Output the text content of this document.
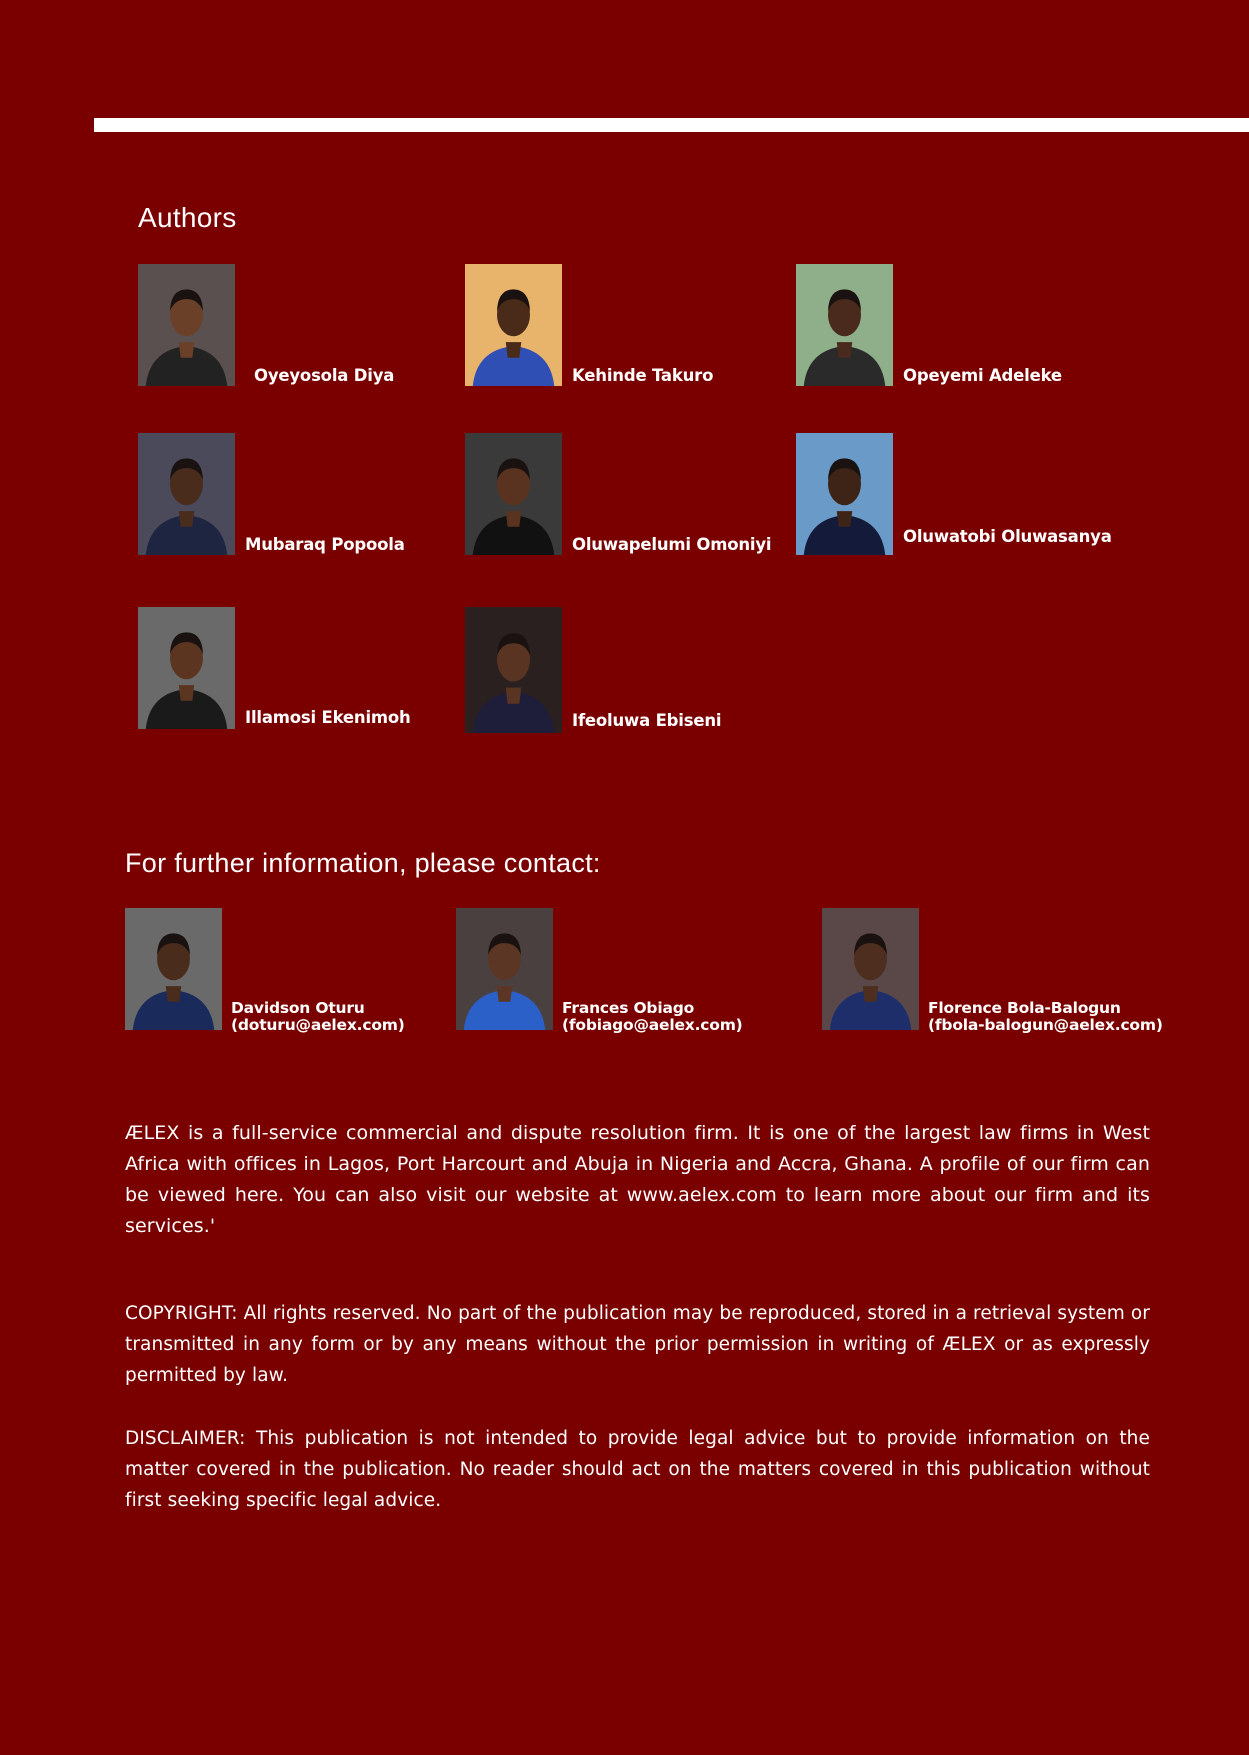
Authors
Oyeyosola Diya	Kehinde Takuro	Opeyemi Adeleke
Mubaraq Popoola	Oluwapelumi Omoniyi	Oluwatobi Oluwasanya
Illamosi Ekenimoh	Ifeoluwa Ebiseni
For further information, please contact:
Davidson Oturu
(doturu@aelex.com)
Frances Obiago
(fobiago@aelex.com)
Florence Bola-Balogun
(fbola-balogun@aelex.com)

ÆLEX is a full-service commercial and dispute resolution firm. It is one of the largest law firms in West Africa with offices in Lagos, Port Harcourt and Abuja in Nigeria and Accra, Ghana. A profile of our firm can be viewed here. You can also visit our website at www.aelex.com to learn more about our firm and its services.'

COPYRIGHT: All rights reserved. No part of the publication may be reproduced, stored in a retrieval system or transmitted in any form or by any means without the prior permission in writing of ÆLEX or as expressly permitted by law.

DISCLAIMER: This publication is not intended to provide legal advice but to provide information on the matter covered in the publication. No reader should act on the matters covered in this publication without first seeking specific legal advice.
